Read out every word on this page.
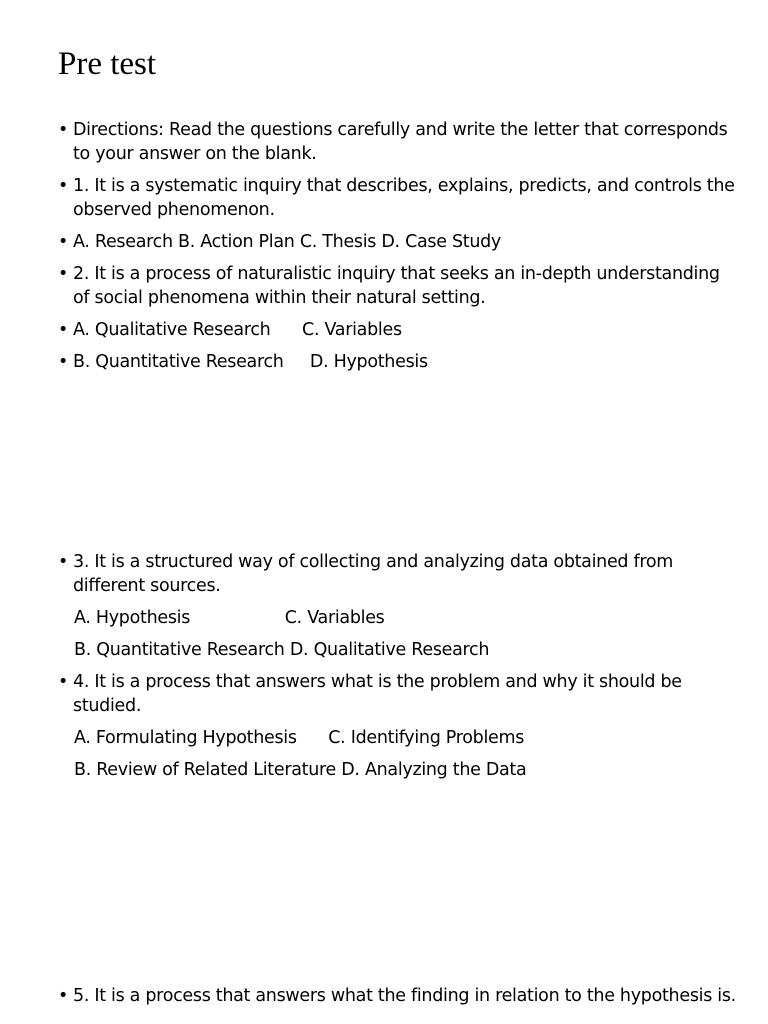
Pre test
• Directions: Read the questions carefully and write the letter that corresponds to your answer on the blank.
• 1. It is a systematic inquiry that describes, explains, predicts, and controls the observed phenomenon.
• A. Research B. Action Plan C. Thesis D. Case Study
• 2. It is a process of naturalistic inquiry that seeks an in-depth understanding of social phenomena within their natural setting.
• A. Qualitative Research      C. Variables
• B. Quantitative Research     D. Hypothesis
• 3. It is a structured way of collecting and analyzing data obtained from different sources.
A. Hypothesis                  C. Variables
B. Quantitative Research D. Qualitative Research
• 4. It is a process that answers what is the problem and why it should be studied.
A. Formulating Hypothesis      C. Identifying Problems
B. Review of Related Literature D. Analyzing the Data
• 5. It is a process that answers what the finding in relation to the hypothesis is.
